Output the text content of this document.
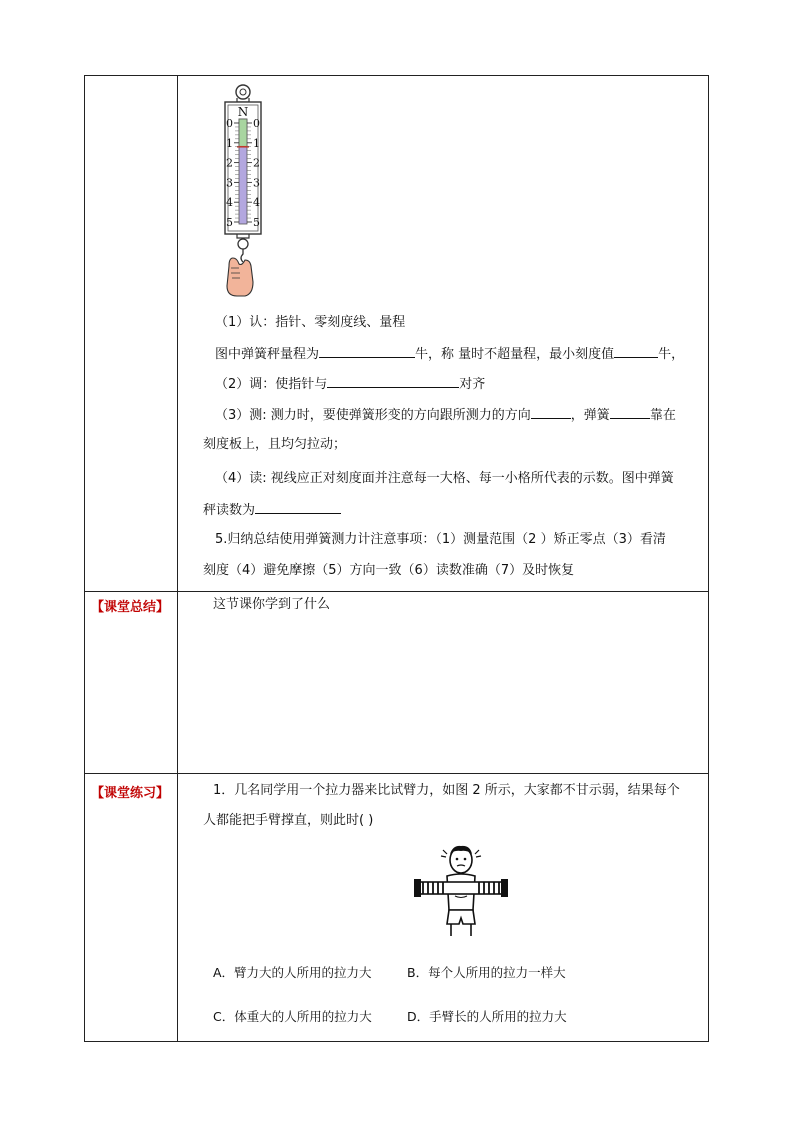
N
0 0
1 1
2 2
3 3
4 4
5 5
（1）认：指针、零刻度线、量程
图中弹簧秤量程为	牛，称 量时不超量程，最小刻度值	牛，
（2）调：使指针与	对齐
（3）测: 测力时，要使弹簧形变的方向跟所测力的方向	，弹簧	靠在
刻度板上，且均匀拉动；
（4）读: 视线应正对刻度面并注意每一大格、每一小格所代表的示数。图中弹簧
秤读数为
5.归纳总结使用弹簧测力计注意事项：（1）测量范围（2 ）矫正零点（3）看清
刻度（4）避免摩擦（5）方向一致（6）读数准确（7）及时恢复
【课堂总结】	这节课你学到了什么
【课堂练习】	1．几名同学用一个拉力器来比试臂力，如图 2 所示，大家都不甘示弱，结果每个
人都能把手臂撑直，则此时( )
A．臂力大的人所用的拉力大	B．每个人所用的拉力一样大
C．体重大的人所用的拉力大	D．手臂长的人所用的拉力大
